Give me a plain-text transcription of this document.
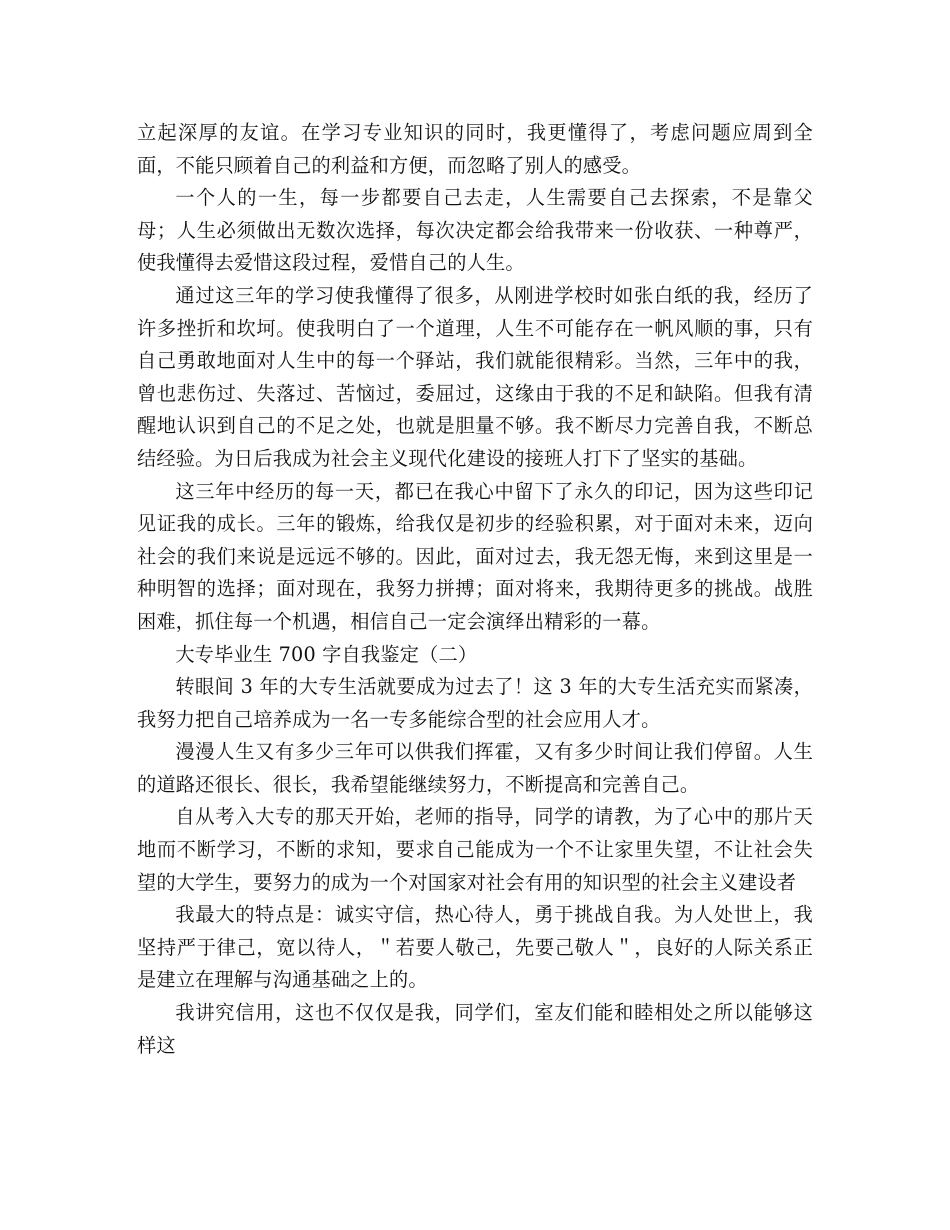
立起深厚的友谊。在学习专业知识的同时，我更懂得了，考虑问题应周到全面，不能只顾着自己的利益和方便，而忽略了别人的感受。

一个人的一生，每一步都要自己去走，人生需要自己去探索，不是靠父母；人生必须做出无数次选择，每次决定都会给我带来一份收获、一种尊严，使我懂得去爱惜这段过程，爱惜自己的人生。

通过这三年的学习使我懂得了很多，从刚进学校时如张白纸的我，经历了许多挫折和坎坷。使我明白了一个道理，人生不可能存在一帆风顺的事，只有自己勇敢地面对人生中的每一个驿站，我们就能很精彩。当然，三年中的我，曾也悲伤过、失落过、苦恼过，委屈过，这缘由于我的不足和缺陷。但我有清醒地认识到自己的不足之处，也就是胆量不够。我不断尽力完善自我，不断总结经验。为日后我成为社会主义现代化建设的接班人打下了坚实的基础。

这三年中经历的每一天，都已在我心中留下了永久的印记，因为这些印记见证我的成长。三年的锻炼，给我仅是初步的经验积累，对于面对未来，迈向社会的我们来说是远远不够的。因此，面对过去，我无怨无悔，来到这里是一种明智的选择；面对现在，我努力拼搏；面对将来，我期待更多的挑战。战胜困难，抓住每一个机遇，相信自己一定会演绎出精彩的一幕。

大专毕业生 700 字自我鉴定（二）

转眼间 3 年的大专生活就要成为过去了！这 3 年的大专生活充实而紧凑，我努力把自己培养成为一名一专多能综合型的社会应用人才。

漫漫人生又有多少三年可以供我们挥霍，又有多少时间让我们停留。人生的道路还很长、很长，我希望能继续努力，不断提高和完善自己。

自从考入大专的那天开始，老师的指导，同学的请教，为了心中的那片天地而不断学习，不断的求知，要求自己能成为一个不让家里失望，不让社会失望的大学生，要努力的成为一个对国家对社会有用的知识型的社会主义建设者

我最大的特点是：诚实守信，热心待人，勇于挑战自我。为人处世上，我坚持严于律己，宽以待人，＂若要人敬己，先要己敬人＂，良好的人际关系正是建立在理解与沟通基础之上的。

我讲究信用，这也不仅仅是我，同学们，室友们能和睦相处之所以能够这样这
